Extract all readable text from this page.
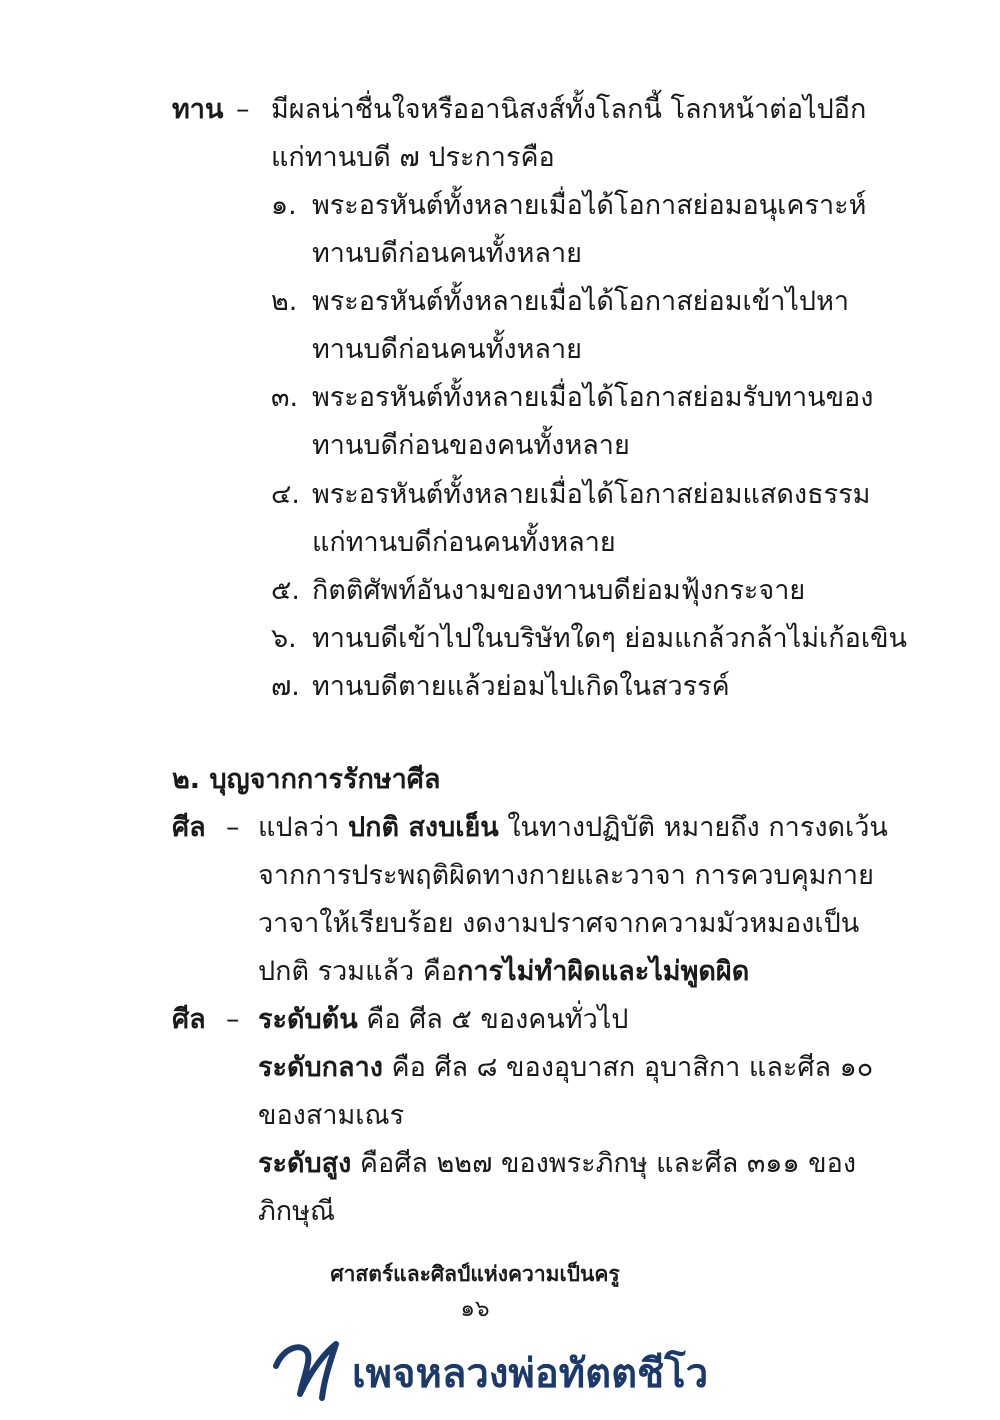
ทาน – มีผลน่าชื่นใจหรืออานิสงส์ทั้งโลกนี้ โลกหน้าต่อไปอีก
แก่ทานบดี ๗ ประการคือ
๑. พระอรหันต์ทั้งหลายเมื่อได้โอกาสย่อมอนุเคราะห์
ทานบดีก่อนคนทั้งหลาย
๒. พระอรหันต์ทั้งหลายเมื่อได้โอกาสย่อมเข้าไปหา
ทานบดีก่อนคนทั้งหลาย
๓. พระอรหันต์ทั้งหลายเมื่อได้โอกาสย่อมรับทานของ
ทานบดีก่อนของคนทั้งหลาย
๔. พระอรหันต์ทั้งหลายเมื่อได้โอกาสย่อมแสดงธรรม
แก่ทานบดีก่อนคนทั้งหลาย
๕. กิตติศัพท์อันงามของทานบดีย่อมฟุ้งกระจาย
๖. ทานบดีเข้าไปในบริษัทใดๆ ย่อมแกล้วกล้าไม่เก้อเขิน
๗. ทานบดีตายแล้วย่อมไปเกิดในสวรรค์
๒. บุญจากการรักษาศีล
ศีล – แปลว่า ปกติ สงบเย็น ในทางปฏิบัติ หมายถึง การงดเว้น
จากการประพฤติผิดทางกายและวาจา การควบคุมกาย
วาจาให้เรียบร้อย งดงามปราศจากความมัวหมองเป็น
ปกติ รวมแล้ว คือการไม่ทำผิดและไม่พูดผิด
ศีล – ระดับต้น คือ ศีล ๕ ของคนทั่วไป
ระดับกลาง คือ ศีล ๘ ของอุบาสก อุบาสิกา และศีล ๑๐
ของสามเณร
ระดับสูง คือศีล ๒๒๗ ของพระภิกษุ และศีล ๓๑๑ ของ
ภิกษุณี
ศาสตร์และศิลป์แห่งความเป็นครู
๑๖
เพจหลวงพ่อทัตตชีโว
